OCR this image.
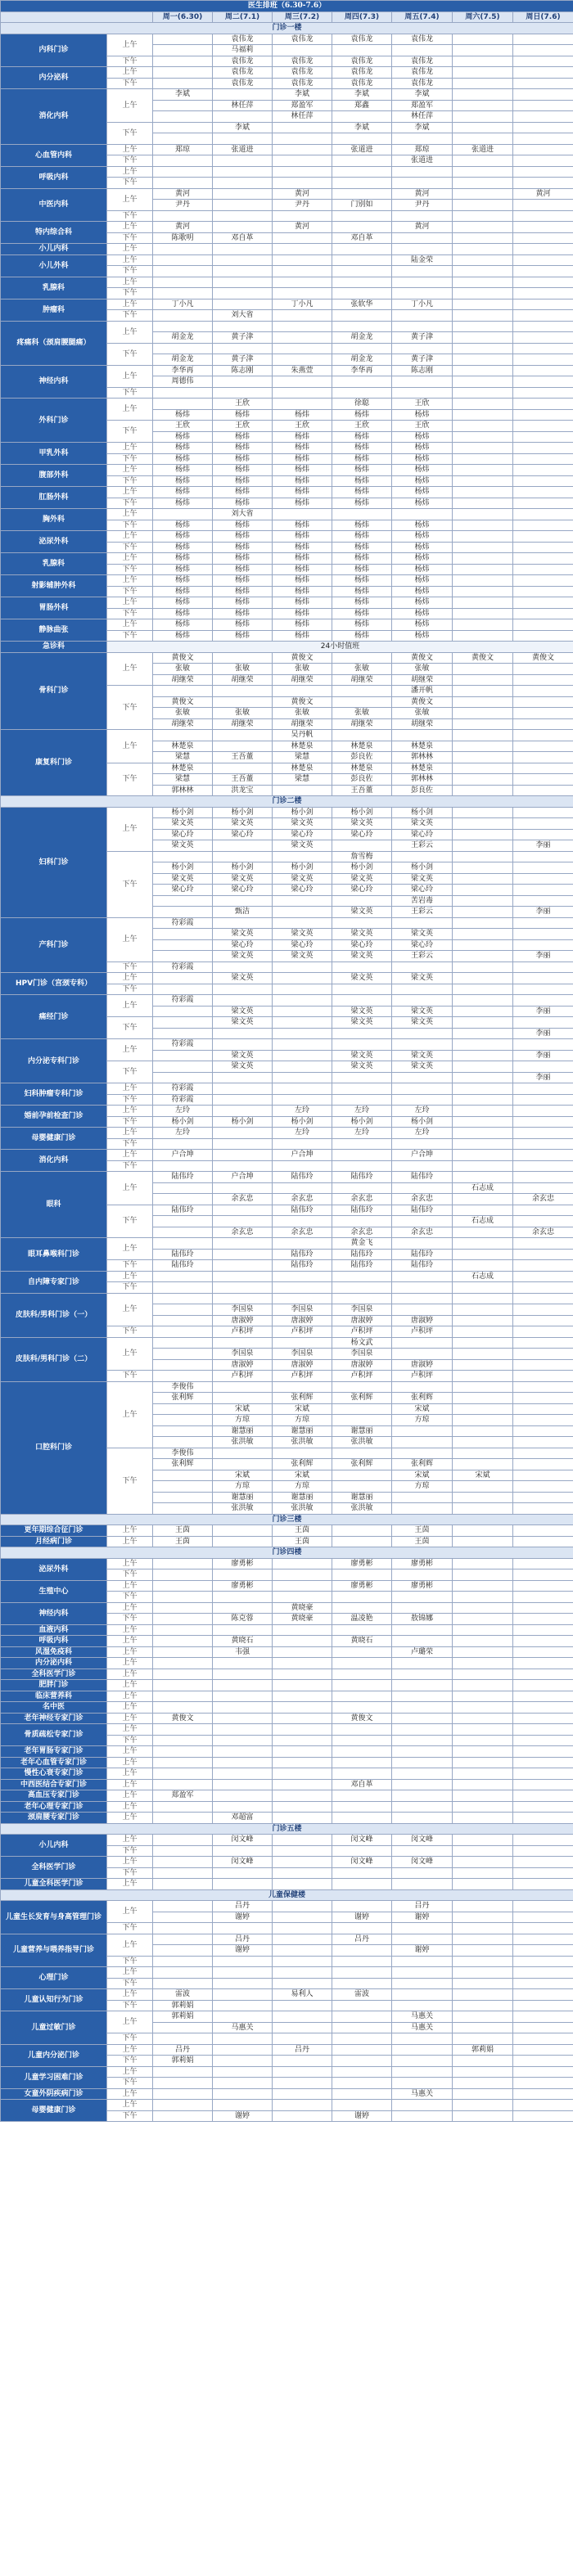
医生排班（6.30-7.6）								
		周一(6.30)	周二(7.1)	周三(7.2)	周四(7.3)	周五(7.4)	周六(7.5)	周日(7.6)
门诊一楼								
内科门诊	上午		袁伟龙	袁伟龙	袁伟龙	袁伟龙		
			马福莉					
	下午		袁伟龙	袁伟龙	袁伟龙	袁伟龙		
内分泌科	上午		袁伟龙	袁伟龙	袁伟龙	袁伟龙		
	下午		袁伟龙	袁伟龙	袁伟龙	袁伟龙		
消化内科	上午	李斌		李斌	李斌	李斌		
			林任萍	郑盈军	郑鑫	郑盈军		
				林任萍		林任萍		
	下午		李斌		李斌	李斌		

心血管内科	上午	郑琼	张道进		张道进	郑琼	张道进	
	下午					张道进		
呼吸内科	上午							
	下午							
中医内科	上午	黄河		黄河		黄河		黄河
		尹丹		尹丹	门别如	尹丹		
	下午							
特内综合科	上午	黄河		黄河		黄河		
	下午	陈歌明	邓自革		邓自革			
小儿内科	上午							
小儿外科	上午					陆金荣		
	下午							
乳腺科	上午							
	下午							
肿瘤科	上午	丁小凡		丁小凡	张软华	丁小凡		
	下午		刘大省					
疼痛科（颈肩腰腿痛）	上午							
		胡金龙	黄子津		胡金龙	黄子津		
	下午							
		胡金龙	黄子津		胡金龙	黄子津		
神经内科	上午	李华再	陈志刚	朱燕萱	李华再	陈志刚		
		周德伟						
	下午							
外科门诊	上午		王欣		徐聪	王欣		
		杨炜	杨炜	杨炜	杨炜	杨炜		
	下午	王欣	王欣	王欣	王欣	王欣		
		杨炜	杨炜	杨炜	杨炜	杨炜		
甲乳外科	上午	杨炜	杨炜	杨炜	杨炜	杨炜		
	下午	杨炜	杨炜	杨炜	杨炜	杨炜		
腹部外科	上午	杨炜	杨炜	杨炜	杨炜	杨炜		
	下午	杨炜	杨炜	杨炜	杨炜	杨炜		
肛肠外科	上午	杨炜	杨炜	杨炜	杨炜	杨炜		
	下午	杨炜	杨炜	杨炜	杨炜	杨炜		
胸外科	上午		刘大省					
	下午	杨炜	杨炜	杨炜	杨炜	杨炜		
泌尿外科	上午	杨炜	杨炜	杨炜	杨炜	杨炜		
	下午	杨炜	杨炜	杨炜	杨炜	杨炜		
乳腺科	上午	杨炜	杨炜	杨炜	杨炜	杨炜		
	下午	杨炜	杨炜	杨炜	杨炜	杨炜		
射影辅肿外科	上午	杨炜	杨炜	杨炜	杨炜	杨炜		
	下午	杨炜	杨炜	杨炜	杨炜	杨炜		
胃肠外科	上午	杨炜	杨炜	杨炜	杨炜	杨炜		
	下午	杨炜	杨炜	杨炜	杨炜	杨炜		
静脉曲张	上午	杨炜	杨炜	杨炜	杨炜	杨炜		
	下午	杨炜	杨炜	杨炜	杨炜	杨炜		
急诊科	24小时值班							
骨科门诊	上午	黄俊文		黄俊文		黄俊文	黄俊文	黄俊文
		张敏	张敏	张敏	张敏	张敏		
		胡继荣	胡继荣	胡继荣	胡继荣	胡继荣		
	下午					潘开帆		
		黄俊文		黄俊文		黄俊文		
		张敏	张敏	张敏	张敏	张敏		
		胡继荣	胡继荣	胡继荣	胡继荣	胡继荣		
康复科门诊	上午			吴丹帆				
		林楚泉		林楚泉	林楚泉	林楚泉		
		梁慧	王吾董	梁慧	彭良佐	郭林林		
	下午	林楚泉		林楚泉	林楚泉	林楚泉		
		梁慧	王吾董	梁慧	彭良佐	郭林林		
		郭林林	洪龙宝		王吾董	彭良佐		
门诊二楼								
妇科门诊	上午	杨小剑	杨小剑	杨小剑	杨小剑	杨小剑		
		梁文英	梁文英	梁文英	梁文英	梁文英		
		梁心玲	梁心玲	梁心玲	梁心玲	梁心玲		
		梁文英		梁文英		王彩云		李丽
	下午				詹雪梅			
		杨小剑	杨小剑	杨小剑	杨小剑	杨小剑		
		梁文英	梁文英	梁文英	梁文英	梁文英		
		梁心玲	梁心玲	梁心玲	梁心玲	梁心玲		
						苦岩毒		
			甄洁		梁文英	王彩云		李丽
产科门诊	上午	符彩霞						
			梁文英	梁文英	梁文英	梁文英		
			梁心玲	梁心玲	梁心玲	梁心玲		
			梁文英	梁文英	梁文英	王彩云		李丽
	下午	符彩霞						
HPV门诊（宫颈专科）	上午		梁文英		梁文英	梁文英		
	下午							
痛经门诊	上午	符彩霞						
			梁文英		梁文英	梁文英		李丽
	下午		梁文英		梁文英	梁文英		
								李丽
内分泌专科门诊	上午	符彩霞						
			梁文英		梁文英	梁文英		李丽
	下午		梁文英		梁文英	梁文英		
								李丽
妇科肿瘤专科门诊	上午	符彩霞						
	下午	符彩霞						
婚前孕前检查门诊	上午	左玲		左玲	左玲	左玲		
	下午	杨小剑	杨小剑	杨小剑	杨小剑	杨小剑		
母婴健康门诊	上午	左玲		左玲	左玲	左玲		
	下午							
消化内科	上午	户合坤		户合坤		户合坤		
	下午							
眼科	上午	陆伟玲	户合坤	陆伟玲	陆伟玲	陆伟玲		
							石志成	
			余玄忠	余玄忠	余玄忠	余玄忠		余玄忠
	下午	陆伟玲		陆伟玲	陆伟玲	陆伟玲		
							石志成	
			余玄忠	余玄忠	余玄忠	余玄忠		余玄忠
眼耳鼻喉科门诊	上午				黄金飞			
		陆伟玲		陆伟玲	陆伟玲	陆伟玲		
	下午	陆伟玲		陆伟玲	陆伟玲	陆伟玲		
自内障专家门诊	上午						石志成	
	下午							
皮肤科/男科门诊（一）	上午							
			李国泉	李国泉	李国泉			
			唐淑婷	唐淑婷	唐淑婷	唐淑婷		
	下午		卢积坪	卢积坪	卢积坪	卢积坪		
皮肤科/男科门诊（二）	上午				杨文武			
			李国泉	李国泉	李国泉			
			唐淑婷	唐淑婷	唐淑婷	唐淑婷		
	下午		卢积坪	卢积坪	卢积坪	卢积坪		
口腔科门诊	上午	李俊伟						
		张利辉		张利辉	张利辉	张利辉		
			宋斌	宋斌		宋斌		
			方琼	方琼		方琼		
			谢慧丽	谢慧丽	谢慧丽			
			张洪敏	张洪敏	张洪敏			
	下午	李俊伟						
		张利辉		张利辉	张利辉	张利辉		
			宋斌	宋斌		宋斌	宋斌	
			方琼	方琼		方琼		
			谢慧丽	谢慧丽	谢慧丽			
			张洪敏	张洪敏	张洪敏			
门诊三楼								
更年期综合征门诊	上午	王茵		王茵		王茵		
月经病门诊	上午	王茵		王茵		王茵		
门诊四楼								
泌尿外科	上午		廖勇彬		廖勇彬	廖勇彬		
	下午							
生殖中心	上午		廖勇彬		廖勇彬	廖勇彬		
	下午							
神经内科	上午			黄晓豪				
	下午		陈克蓉	黄晓豪	温凌艳	敖锦娜		
血液内科	上午							
呼吸内科	上午		黄晓石		黄晓石			
风湿免疫科	上午		韦强			卢璐荣		
内分泌内科	上午							
全科医学门诊	上午							
肥胖门诊	上午							
临床营养科	上午							
名中医	上午							
老年神经专家门诊	上午	黄俊文			黄俊文			
骨质疏松专家门诊	上午							
	下午							
老年胃肠专家门诊	上午							
老年心血管专家门诊	上午							
慢性心衰专家门诊	上午							
中西医结合专家门诊	上午				邓自革			
高血压专家门诊	上午	郑盈军						
老年心理专家门诊	上午							
颈肩腰专家门诊	上午		邓超富					
门诊五楼								
小儿内科	上午		闵文峰		闵文峰	闵文峰		
	下午							
全科医学门诊	上午		闵文峰		闵文峰	闵文峰		
	下午							
儿童全科医学门诊	上午							
儿童保健楼								
儿童生长发育与身高管理门诊	上午		吕丹			吕丹		
			谢婷		谢婷	谢婷		
	下午							
儿童营养与喂养指导门诊	上午		吕丹		吕丹			
			谢婷			谢婷		
	下午							
心理门诊	上午							
	下午							
儿童认知行为门诊	上午	雷波		易利人	雷波			
	下午	郭莉娟						
儿童过敏门诊	上午	郭莉娟				马惠关		
			马惠关			马惠关		
	下午							
儿童内分泌门诊	上午	吕丹		吕丹			郭莉娟	
	下午	郭莉娟						
儿童学习困难门诊	上午							
	下午							
女童外阴疾病门诊	上午					马惠关		
母婴健康门诊	上午							
	下午		谢婷		谢婷			
